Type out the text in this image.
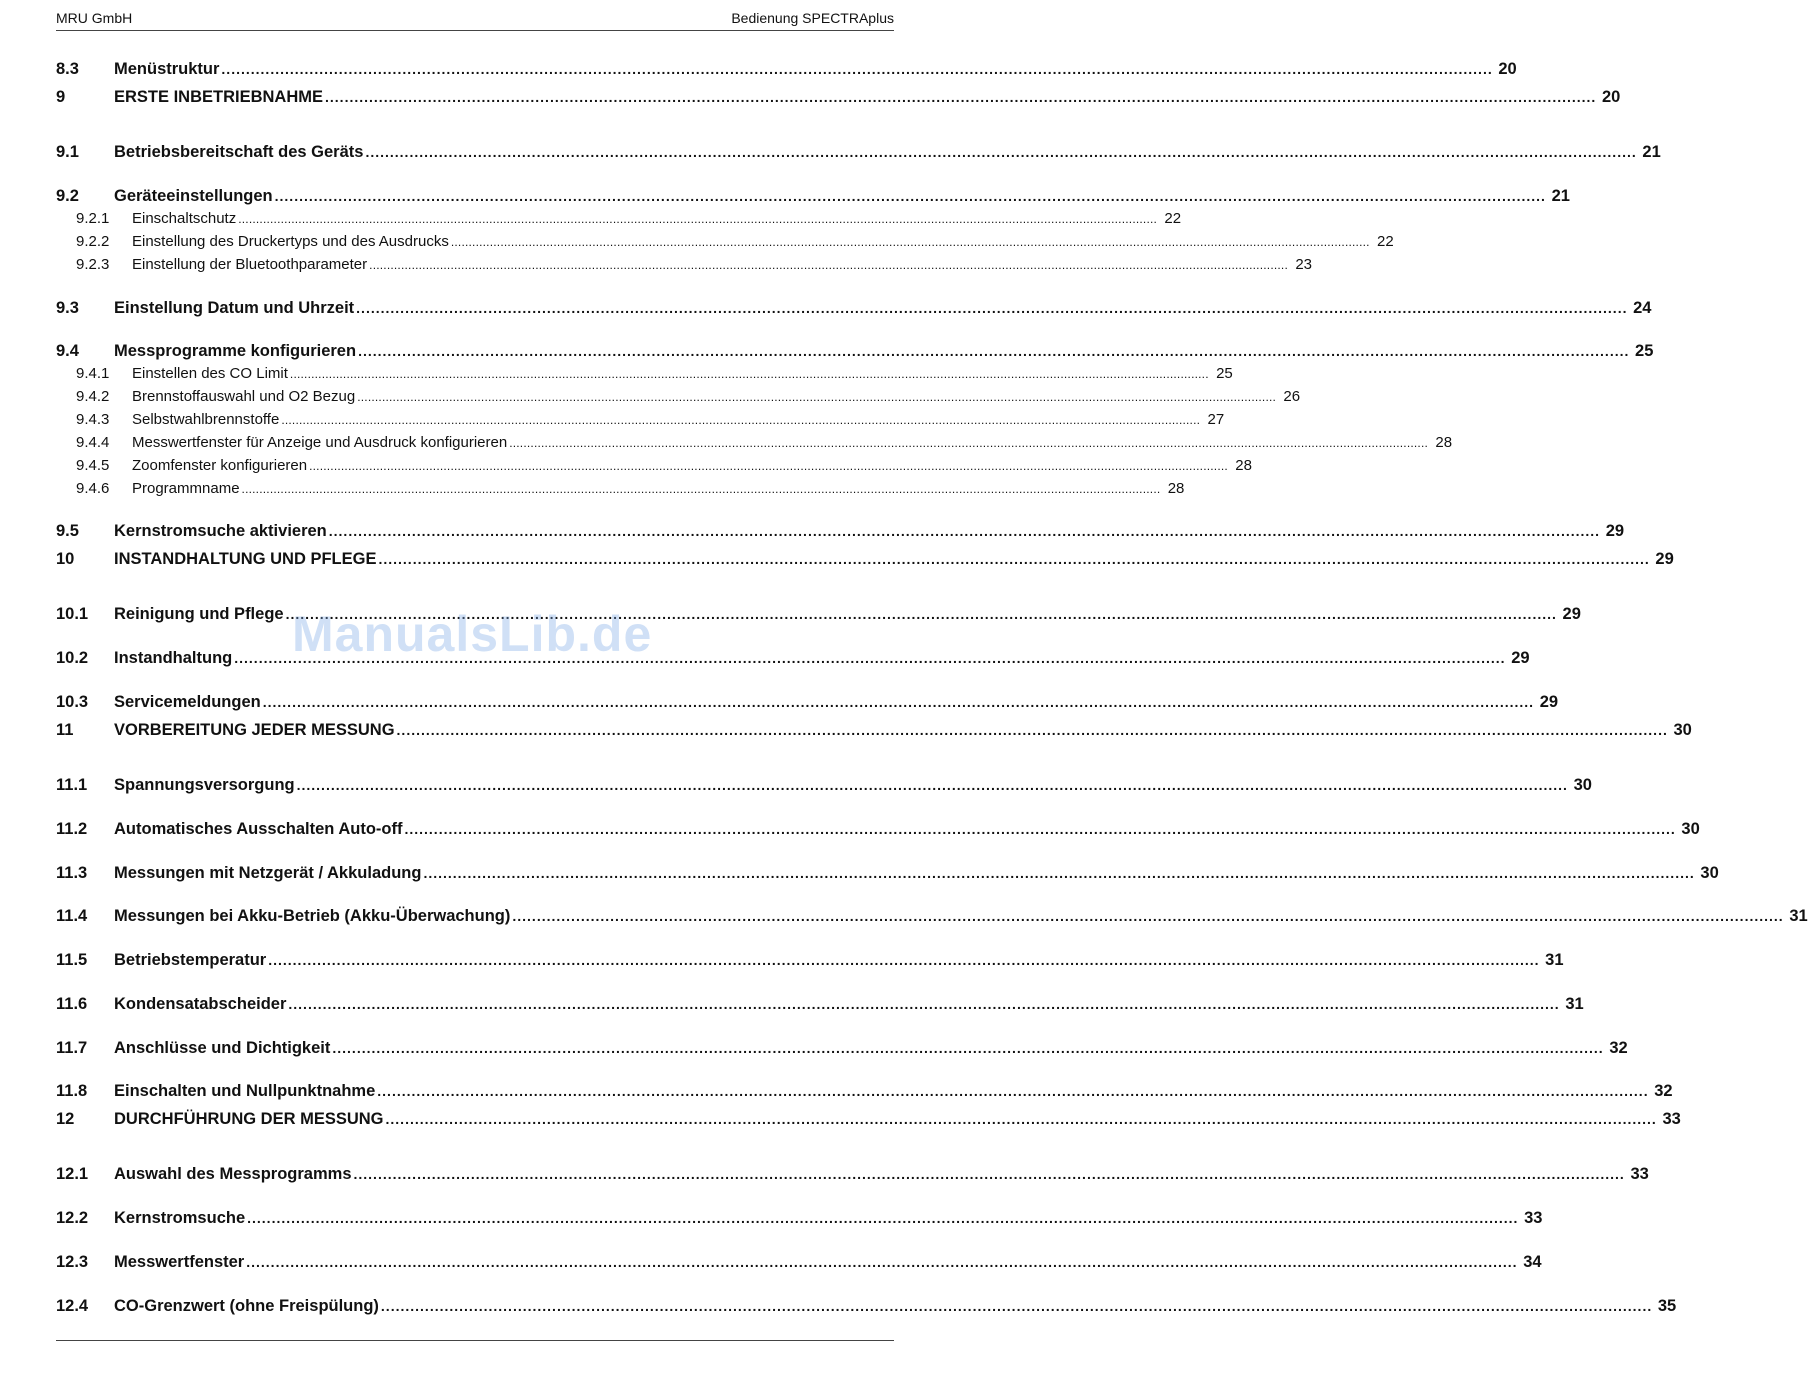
MRU GmbH	Bedienung SPECTRAplus
8.3	Menüstruktur .................................................................................................................................................................................................................................................................... 20
9	ERSTE INBETRIEBNAHME .................................................................................................................................................................................................................................................................... 20
9.1	Betriebsbereitschaft des Geräts .................................................................................................................................................................................................................................................................... 21
9.2	Geräteeinstellungen .................................................................................................................................................................................................................................................................... 21
9.2.1	Einschaltschutz .................................................................................................................................................................................................................................................................... 22
9.2.2	Einstellung des Druckertyps und des Ausdrucks .................................................................................................................................................................................................................................................................... 22
9.2.3	Einstellung der Bluetoothparameter .................................................................................................................................................................................................................................................................... 23
9.3	Einstellung Datum und Uhrzeit .................................................................................................................................................................................................................................................................... 24
9.4	Messprogramme konfigurieren .................................................................................................................................................................................................................................................................... 25
9.4.1	Einstellen des CO Limit .................................................................................................................................................................................................................................................................... 25
9.4.2	Brennstoffauswahl und O2 Bezug .................................................................................................................................................................................................................................................................... 26
9.4.3	Selbstwahlbrennstoffe .................................................................................................................................................................................................................................................................... 27
9.4.4	Messwertfenster für Anzeige und Ausdruck konfigurieren .................................................................................................................................................................................................................................................................... 28
9.4.5	Zoomfenster konfigurieren .................................................................................................................................................................................................................................................................... 28
9.4.6	Programmname .................................................................................................................................................................................................................................................................... 28
9.5	Kernstromsuche aktivieren .................................................................................................................................................................................................................................................................... 29
10	INSTANDHALTUNG UND PFLEGE .................................................................................................................................................................................................................................................................... 29
10.1	Reinigung und Pflege .................................................................................................................................................................................................................................................................... 29
10.2	Instandhaltung .................................................................................................................................................................................................................................................................... 29
10.3	Servicemeldungen .................................................................................................................................................................................................................................................................... 29
11	VORBEREITUNG JEDER MESSUNG .................................................................................................................................................................................................................................................................... 30
11.1	Spannungsversorgung .................................................................................................................................................................................................................................................................... 30
11.2	Automatisches Ausschalten Auto-off .................................................................................................................................................................................................................................................................... 30
11.3	Messungen mit Netzgerät / Akkuladung .................................................................................................................................................................................................................................................................... 30
11.4	Messungen bei Akku-Betrieb (Akku-Überwachung) .................................................................................................................................................................................................................................................................... 31
11.5	Betriebstemperatur .................................................................................................................................................................................................................................................................... 31
11.6	Kondensatabscheider .................................................................................................................................................................................................................................................................... 31
11.7	Anschlüsse und Dichtigkeit .................................................................................................................................................................................................................................................................... 32
11.8	Einschalten und Nullpunktnahme .................................................................................................................................................................................................................................................................... 32
12	DURCHFÜHRUNG DER MESSUNG .................................................................................................................................................................................................................................................................... 33
12.1	Auswahl des Messprogramms .................................................................................................................................................................................................................................................................... 33
12.2	Kernstromsuche .................................................................................................................................................................................................................................................................... 33
12.3	Messwertfenster .................................................................................................................................................................................................................................................................... 34
12.4	CO-Grenzwert (ohne Freispülung) .................................................................................................................................................................................................................................................................... 35
ManualsLib.de
